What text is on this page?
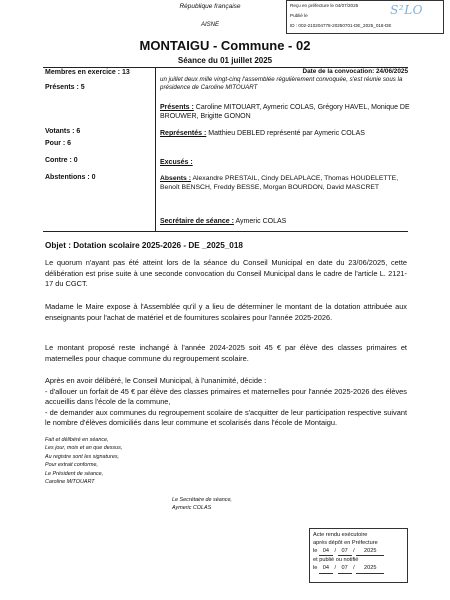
République française
AISNE
Reçu en préfecture le 04/07/2025
Publié le
ID : 002-210204778-20250701-DE_2025_018-DE
S²LO
MONTAIGU - Commune - 02
Séance du 01 juillet 2025
Membres en exercice : 13
Présents : 5
Votants : 6
Pour : 6
Contre : 0
Abstentions : 0
Date de la convocation: 24/06/2025
un juillet deux mille vingt-cinq l'assemblée régulièrement convoquée, s'est réunie sous la présidence de Caroline MITOUART
Présents : Caroline MITOUART, Aymeric COLAS, Grégory HAVEL, Monique DE BROUWER, Brigitte GONON
Représentés : Matthieu DEBLED représenté par Aymeric COLAS
Excusés :
Absents : Alexandre PRESTAIL, Cindy DELAPLACE, Thomas HOUDELETTE, Benoît BENSCH, Freddy BESSE, Morgan BOURDON, David MASCRET
Secrétaire de séance : Aymeric COLAS
Objet : Dotation scolaire 2025-2026 - DE _2025_018
Le quorum n'ayant pas été atteint lors de la séance du Conseil Municipal en date du 23/06/2025, cette délibération est prise suite à une seconde convocation du Conseil Municipal dans le cadre de l'article L. 2121-17 du CGCT.
Madame le Maire expose à l'Assemblée qu'il y a lieu de déterminer le montant de la dotation attribuée aux enseignants pour l'achat de matériel et de fournitures scolaires pour l'année 2025-2026.
Le montant proposé reste inchangé à l'année 2024-2025 soit 45 € par élève des classes primaires et maternelles pour chaque commune du regroupement scolaire.
Après en avoir délibéré, le Conseil Municipal, à l'unanimité, décide :
- d'allouer un forfait de 45 € par élève des classes primaires et maternelles pour l'année 2025-2026 des élèves accueillis dans l'école de la commune,
- de demander aux communes du regroupement scolaire de s'acquitter de leur participation respective suivant le nombre d'élèves domiciliés dans leur commune et scolarisés dans l'école de Montaigu.
Fait et délibéré en séance,
Les jour, mois et an que dessus,
Au registre sont les signatures,
Pour extrait conforme,
Le Président de séance,
Caroline MITOUART
Le Secrétaire de séance,
Aymeric COLAS
Acte rendu exécutoire
après dépôt en Préfecture
le 04 / 07 / 2025
et publié ou notifié
le 04 / 07 / 2025
